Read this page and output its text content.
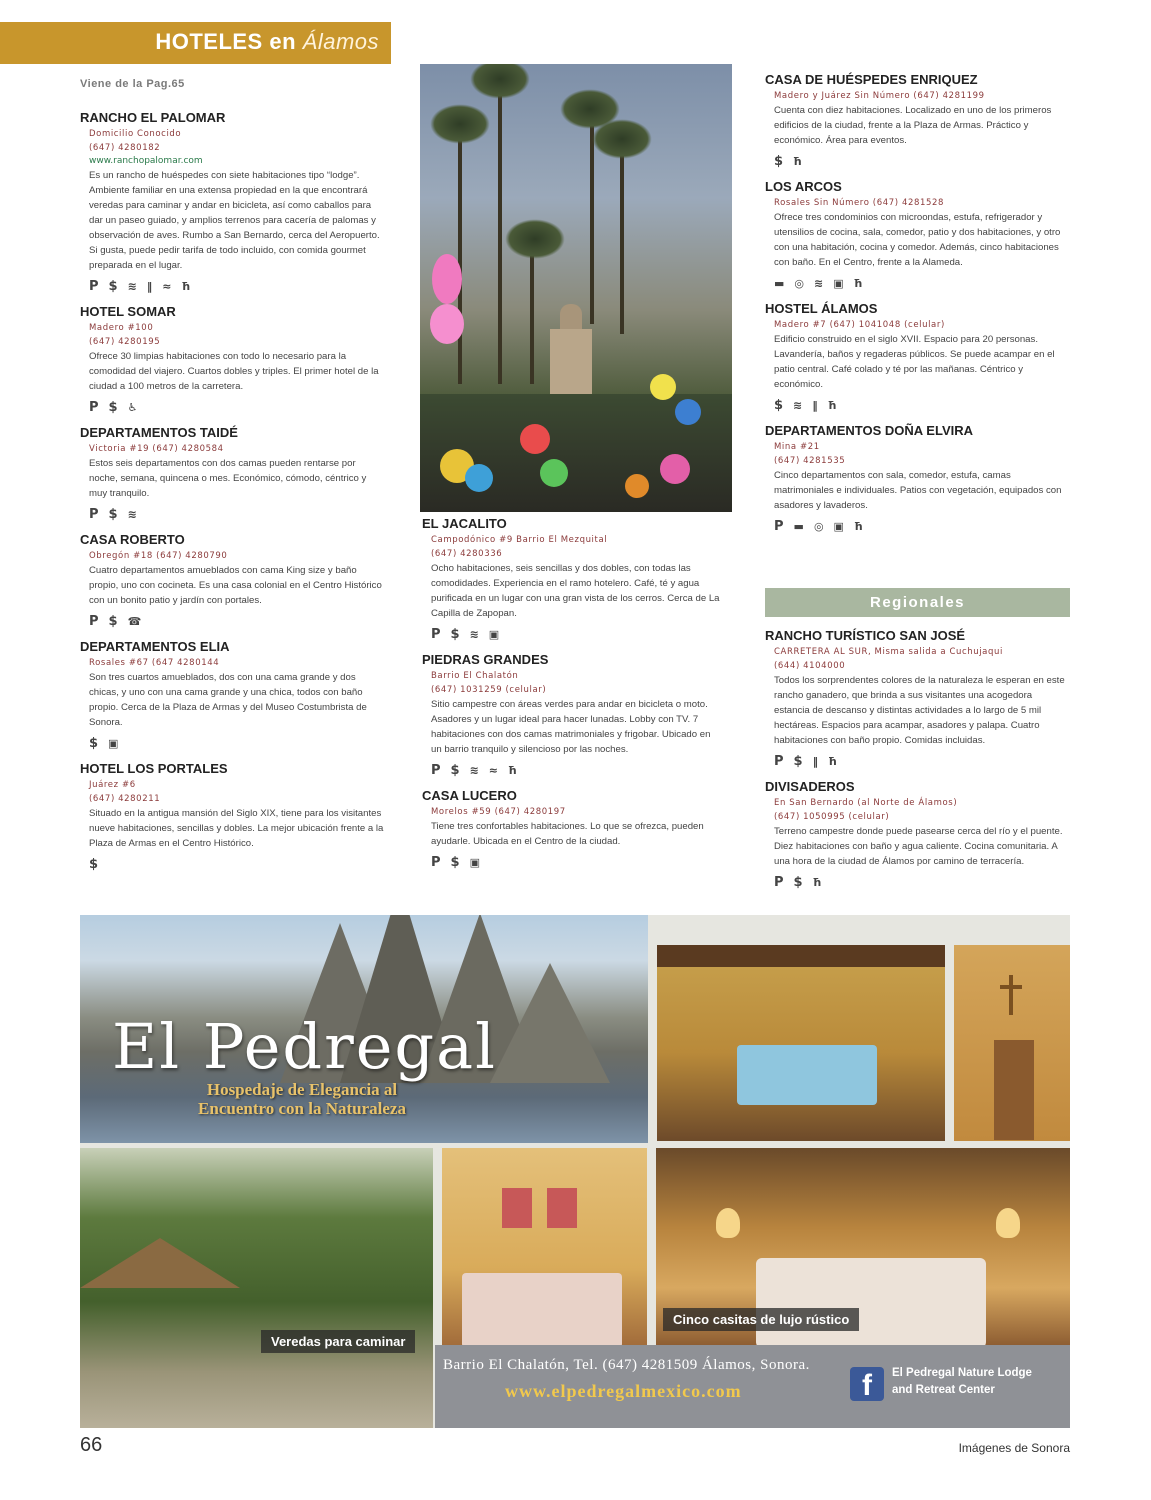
HOTELES en Álamos
Viene de la Pag.65
RANCHO EL PALOMAR
Domicilio Conocido
(647) 4280182
www.ranchopalomar.com
Es un rancho de huéspedes con siete habitaciones tipo “lodge”. Ambiente familiar en una extensa propiedad en la que encontrará veredas para caminar y andar en bicicleta, así como caballos para dar un paseo guiado, y amplios terrenos para cacería de palomas y observación de aves. Rumbo a San Bernardo, cerca del Aeropuerto. Si gusta, puede pedir tarifa de todo incluido, con comida gourmet preparada en el lugar.
P $ ≋ ‖ ≈ ħ
HOTEL SOMAR
Madero #100
(647) 4280195
Ofrece 30 limpias habitaciones con todo lo necesario para la comodidad del viajero. Cuartos dobles y triples. El primer hotel de la ciudad a 100 metros de la carretera.
P $ ♿
DEPARTAMENTOS TAIDÉ
Victoria #19 (647) 4280584
Estos seis departamentos con dos camas pueden rentarse por noche, semana, quincena o mes. Económico, cómodo, céntrico y muy tranquilo.
P $ ≋
CASA ROBERTO
Obregón #18 (647) 4280790
Cuatro departamentos amueblados con cama King size y baño propio, uno con cocineta. Es una casa colonial en el Centro Histórico con un bonito patio y jardín con portales.
P $ ☎
DEPARTAMENTOS ELIA
Rosales #67 (647 4280144
Son tres cuartos amueblados, dos con una cama grande y dos chicas, y uno con una cama grande y una chica, todos con baño propio. Cerca de la Plaza de Armas y del Museo Costumbrista de Sonora.
$ ▣
HOTEL LOS PORTALES
Juárez #6
(647) 4280211
Situado en la antigua mansión del Siglo XIX, tiene para los visitantes nueve habitaciones, sencillas y dobles. La mejor ubicación frente a la Plaza de Armas en el Centro Histórico.
$
EL JACALITO
Campodónico #9 Barrio El Mezquital
(647) 4280336
Ocho habitaciones, seis sencillas y dos dobles, con todas las comodidades. Experiencia en el ramo hotelero. Café, té y agua purificada en un lugar con una gran vista de los cerros. Cerca de La Capilla de Zapopan.
P $ ≋ ▣
PIEDRAS GRANDES
Barrio El Chalatón
(647) 1031259 (celular)
Sitio campestre con áreas verdes para andar en bicicleta o moto. Asadores y un lugar ideal para hacer lunadas. Lobby con TV. 7 habitaciones con dos camas matrimoniales y frigobar. Ubicado en un barrio tranquilo y silencioso por las noches.
P $ ≋ ≈ ħ
CASA LUCERO
Morelos #59 (647) 4280197
Tiene tres confortables habitaciones. Lo que se ofrezca, pueden ayudarle. Ubicada en el Centro de la ciudad.
P $ ▣
CASA DE HUÉSPEDES ENRIQUEZ
Madero y Juárez Sin Número (647) 4281199
Cuenta con diez habitaciones. Localizado en uno de los primeros edificios de la ciudad, frente a la Plaza de Armas. Práctico y económico. Área para eventos.
$ ħ
LOS ARCOS
Rosales Sin Número (647) 4281528
Ofrece tres condominios con microondas, estufa, refrigerador y utensilios de cocina, sala, comedor, patio y dos habitaciones, y otro con una habitación, cocina y comedor. Además, cinco habitaciones con baño. En el Centro, frente a la Alameda.
▬ ◎ ≋ ▣ ħ
HOSTEL ÁLAMOS
Madero #7 (647) 1041048 (celular)
Edificio construido en el siglo XVII. Espacio para 20 personas. Lavandería, baños y regaderas públicos. Se puede acampar en el patio central. Café colado y té por las mañanas. Céntrico y económico.
$ ≋ ‖ ħ
DEPARTAMENTOS DOÑA ELVIRA
Mina #21
(647) 4281535
Cinco departamentos con sala, comedor, estufa, camas matrimoniales e individuales. Patios con vegetación, equipados con asadores y lavaderos.
P ▬ ◎ ▣ ħ
Regionales
RANCHO TURÍSTICO SAN JOSÉ
CARRETERA AL SUR, Misma salida a Cuchujaqui
(644) 4104000
Todos los sorprendentes colores de la naturaleza le esperan en este rancho ganadero, que brinda a sus visitantes una acogedora estancia de descanso y distintas actividades a lo largo de 5 mil hectáreas. Espacios para acampar, asadores y palapa. Cuatro habitaciones con baño propio. Comidas incluidas.
P $ ‖ ħ
DIVISADEROS
En San Bernardo (al Norte de Álamos)
(647) 1050995 (celular)
Terreno campestre donde puede pasearse cerca del río y el puente. Diez habitaciones con baño y agua caliente. Cocina comunitaria. A una hora de la ciudad de Álamos por camino de terracería.
P $ ħ
El Pedregal
Hospedaje de Elegancia al
Encuentro con la Naturaleza
Veredas para caminar
Cinco casitas de lujo rústico
Barrio El Chalatón, Tel. (647) 4281509 Álamos, Sonora.
www.elpedregalmexico.com	f	El Pedregal Nature Lodge
and Retreat Center
66	Imágenes de Sonora
